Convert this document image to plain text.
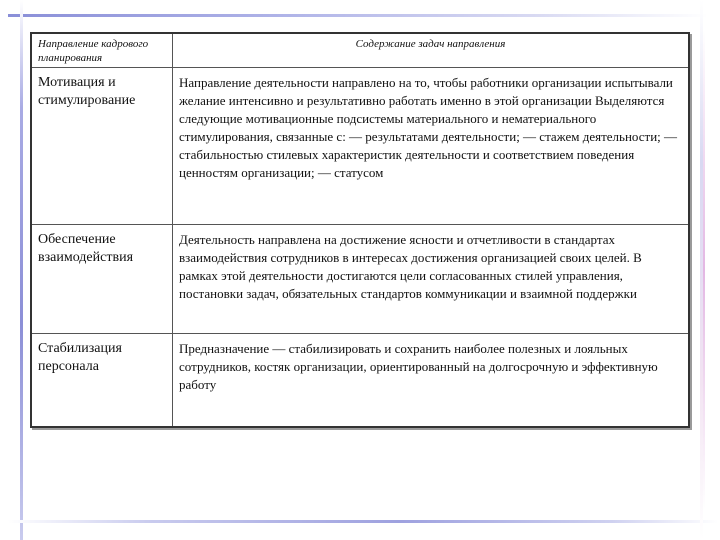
Направление кадрового планирования	Содержание задач направления
Мотивация и стимулирование	Направление деятельности направлено на то, чтобы работники организации испытывали желание интенсивно и результативно работать именно в этой организации Выделяются следующие мотивационные подсистемы материального и нематериального стимулирования, связанные с: — результатами деятельности; — стажем деятельности; — стабильностью стилевых характеристик деятельности и соответствием поведения ценностям организации; — статусом
Обеспечение взаимодействия	Деятельность направлена на достижение ясности и отчетливости в стандартах взаимодействия сотрудников в интересах достижения организацией своих целей. В рамках этой деятельности достигаются цели согласованных стилей управления, постановки задач, обязательных стандартов коммуникации и взаимной поддержки
Стабилизация персонала	Предназначение — стабилизировать и сохранить наиболее полезных и лояльных сотрудников, костяк организации, ориентированный на долгосрочную и эффективную работу
